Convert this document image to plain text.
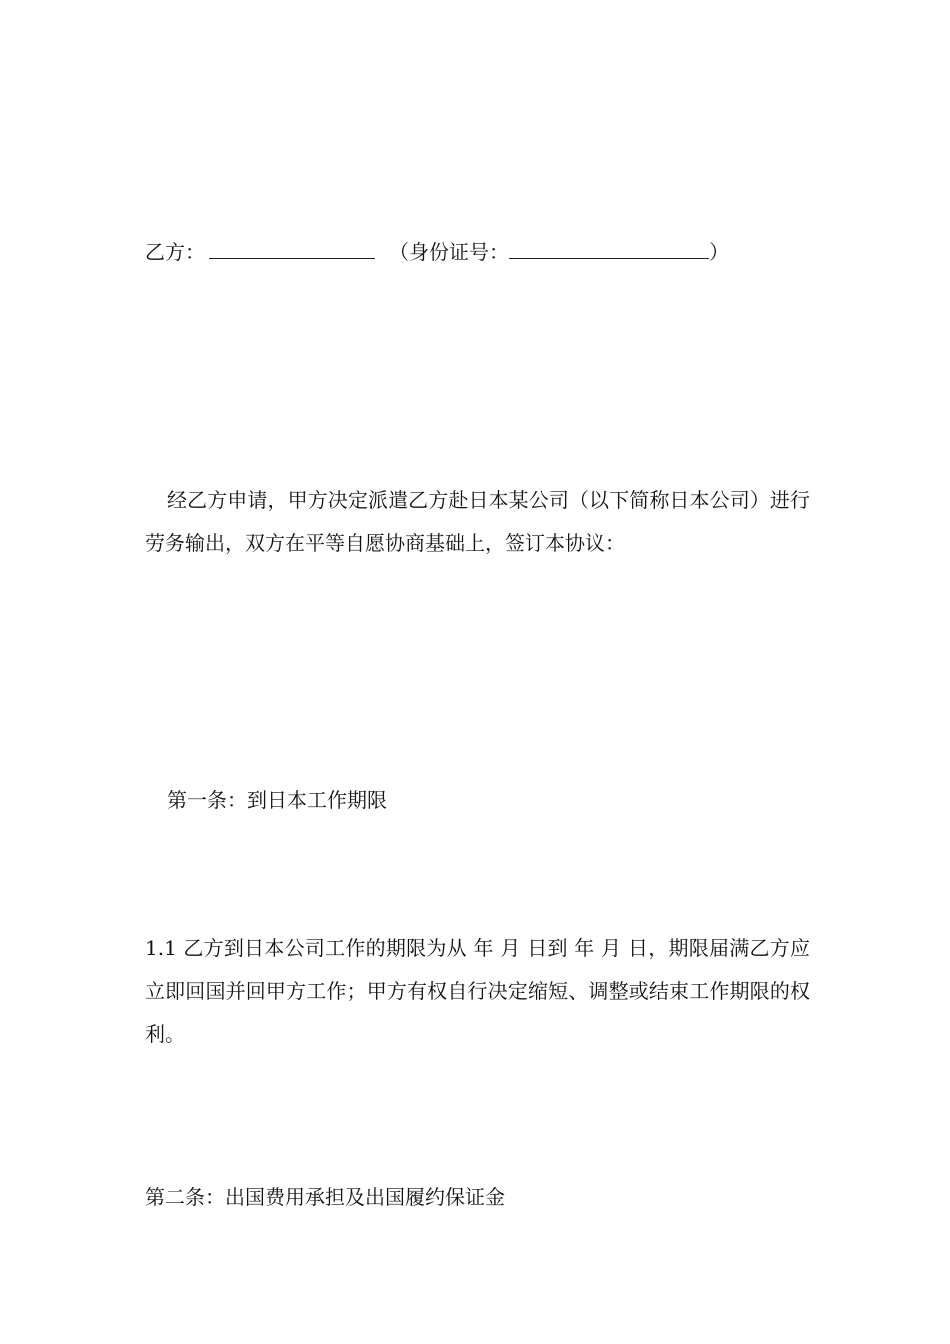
乙方：	（身份证号：	）
经乙方申请，甲方决定派遣乙方赴日本某公司（以下简称日本公司）进行劳务输出，双方在平等自愿协商基础上，签订本协议：
第一条：到日本工作期限
1.1 乙方到日本公司工作的期限为从 年 月 日到 年 月 日，期限届满乙方应立即回国并回甲方工作；甲方有权自行决定缩短、调整或结束工作期限的权利。
第二条：出国费用承担及出国履约保证金
